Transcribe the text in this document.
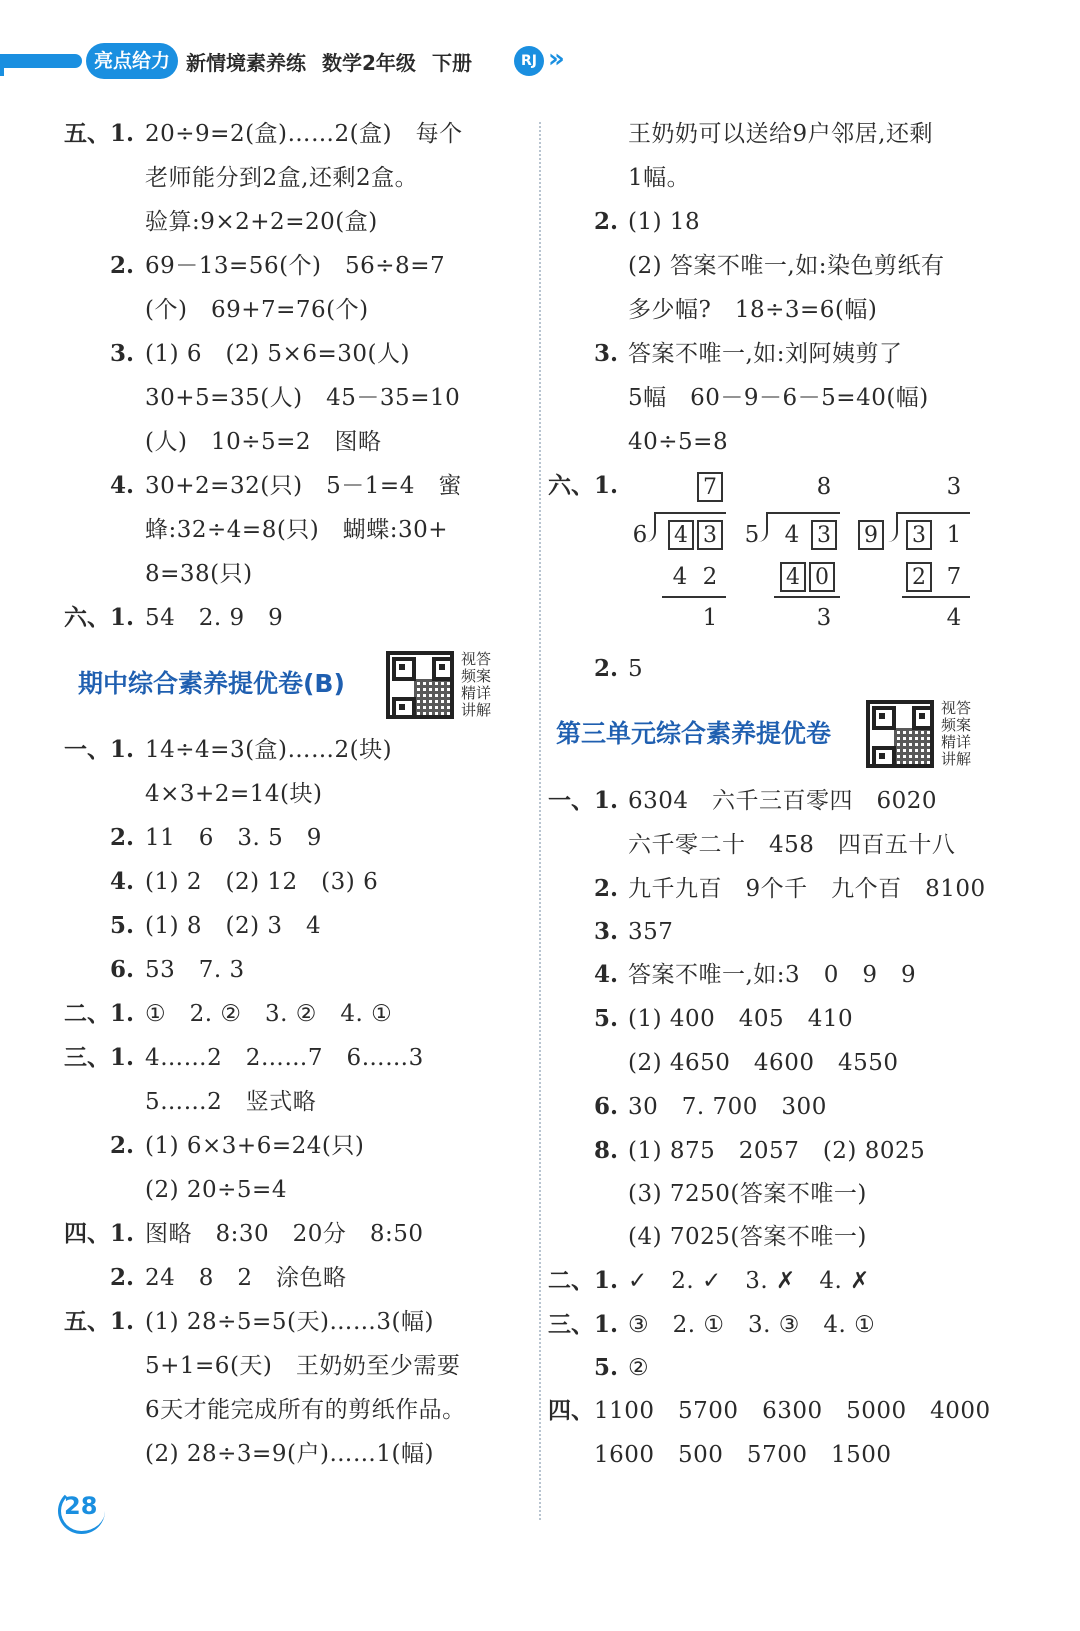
亮点给力 新情境素养练 数学2年级 下册	RJ »
五、1. 20÷9=2(盒)……2(盒)　每个
老师能分到2盒,还剩2盒。
验算:9×2+2=20(盒)
2. 69－13=56(个)　56÷8=7
(个)　69+7=76(个)
3. (1) 6　(2) 5×6=30(人)
30+5=35(人)　45－35=10
(人)　10÷5=2　图略
4. 30+2=32(只)　5－1=4　蜜
蜂:32÷4=8(只)　蝴蝶:30+
8=38(只)
六、1. 54　2. 9　9
期中综合素养提优卷(B)
视答
频案
精详
讲解
一、1. 14÷4=3(盒)……2(块)
4×3+2=14(块)
2. 11　6　3. 5　9
4. (1) 2　(2) 12　(3) 6
5. (1) 8　(2) 3　4
6. 53　7. 3
二、1. ①　2. ②　3. ②　4. ①
三、1. 4……2　2……7　6……3
5……2　竖式略
2. (1) 6×3+6=24(只)
(2) 20÷5=4
四、1. 图略　8:30　20分　8:50
2. 24　8　2　涂色略
五、1. (1) 28÷5=5(天)……3(幅)
5+1=6(天)　王奶奶至少需要
6天才能完成所有的剪纸作品。
(2) 28÷3=9(户)……1(幅)
王奶奶可以送给9户邻居,还剩
1幅。
2. (1) 18
(2) 答案不唯一,如:染色剪纸有
多少幅?　18÷3=6(幅)
3. 答案不唯一,如:刘阿姨剪了
5幅　60－9－6－5=40(幅)
40÷5=8
六、1.	7
6 4 3
4 2
1
8
5 4 3
4 0
3
3
9 3 1
2 7
4
2. 5
第三单元综合素养提优卷
视答
频案
精详
讲解
一、1. 6304　六千三百零四　6020
六千零二十　458　四百五十八
2. 九千九百　9个千　九个百　8100
3. 357
4. 答案不唯一,如:3　0　9　9
5. (1) 400　405　410
(2) 4650　4600　4550
6. 30　7. 700　300
8. (1) 875　2057　(2) 8025
(3) 7250(答案不唯一)
(4) 7025(答案不唯一)
二、1. ✓　2. ✓　3. ✗　4. ✗
三、1. ③　2. ①　3. ③　4. ①
5. ②
四、 1100　5700　6300　5000　4000
1600　500　5700　1500
28
